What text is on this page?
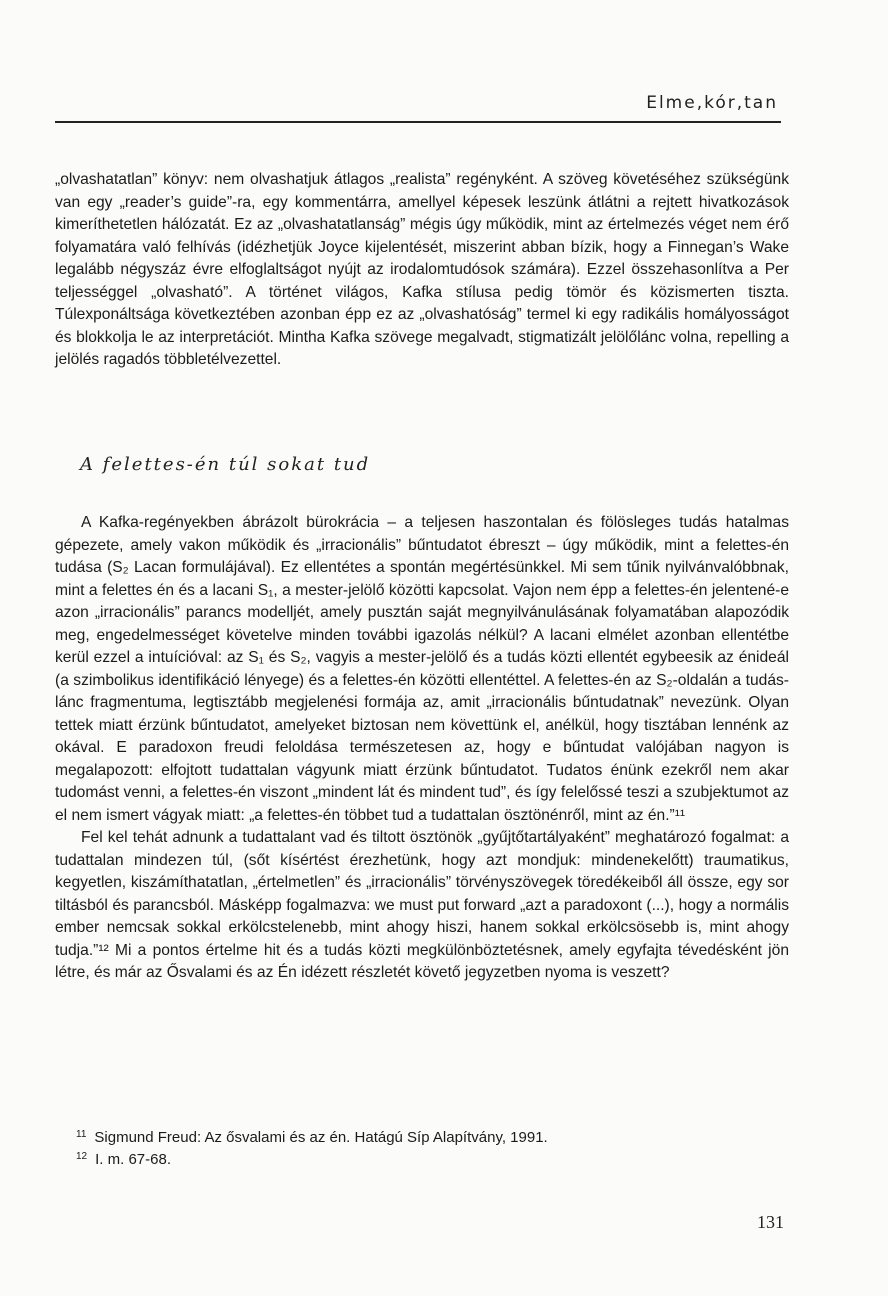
Elme,kór,tan

„olvashatatlan” könyv: nem olvashatjuk átlagos „realista” regényként. A szöveg követéséhez szükségünk van egy „reader’s guide”-ra, egy kommentárra, amellyel képesek leszünk átlátni a rejtett hivatkozások kimeríthetetlen hálózatát. Ez az „olvashatatlanság” mégis úgy működik, mint az értelmezés véget nem érő folyamatára való felhívás (idézhetjük Joyce kijelentését, miszerint abban bízik, hogy a Finnegan’s Wake legalább négyszáz évre elfoglaltságot nyújt az irodalomtudósok számára). Ezzel összehasonlítva a Per teljességgel „olvasható”. A történet világos, Kafka stílusa pedig tömör és közismerten tiszta. Túlexponáltsága következtében azonban épp ez az „olvashatóság” termel ki egy radikális homályosságot és blokkolja le az interpretációt. Mintha Kafka szövege megalvadt, stigmatizált jelölőlánc volna, repelling a jelölés ragadós többletélvezettel.

A felettes-én túl sokat tud

A Kafka-regényekben ábrázolt bürokrácia – a teljesen haszontalan és fölösleges tudás hatalmas gépezete, amely vakon működik és „irracionális” bűntudatot ébreszt – úgy működik, mint a felettes-én tudása (S₂ Lacan formulájával). Ez ellentétes a spontán megértésünkkel. Mi sem tűnik nyilvánvalóbbnak, mint a felettes én és a lacani S₁, a mester-jelölő közötti kapcsolat. Vajon nem épp a felettes-én jelentené-e azon „irracionális” parancs modelljét, amely pusztán saját megnyilvánulásának folyamatában alapozódik meg, engedelmességet követelve minden további igazolás nélkül? A lacani elmélet azonban ellentétbe kerül ezzel a intuícióval: az S₁ és S₂, vagyis a mester-jelölő és a tudás közti ellentét egybeesik az énideál (a szimbolikus identifikáció lényege) és a felettes-én közötti ellentéttel. A felettes-én az S₂-oldalán a tudás-lánc fragmentuma, legtisztább megjelenési formája az, amit „irracionális bűntudatnak” nevezünk. Olyan tettek miatt érzünk bűntudatot, amelyeket biztosan nem követtünk el, anélkül, hogy tisztában lennénk az okával. E paradoxon freudi feloldása természetesen az, hogy e bűntudat valójában nagyon is megalapozott: elfojtott tudattalan vágyunk miatt érzünk bűntudatot. Tudatos énünk ezekről nem akar tudomást venni, a felettes-én viszont „mindent lát és mindent tud”, és így felelőssé teszi a szubjektumot az el nem ismert vágyak miatt: „a felettes-én többet tud a tudattalan ösztönénről, mint az én.”¹¹

Fel kel tehát adnunk a tudattalant vad és tiltott ösztönök „gyűjtőtartályaként” meghatározó fogalmat: a tudattalan mindezen túl, (sőt kísértést érezhetünk, hogy azt mondjuk: mindenekelőtt) traumatikus, kegyetlen, kiszámíthatatlan, „értelmetlen” és „irracionális” törvényszövegek töredékeiből áll össze, egy sor tiltásból és parancsból. Másképp fogalmazva: we must put forward „azt a paradoxont (...), hogy a normális ember nemcsak sokkal erkölcstelenebb, mint ahogy hiszi, hanem sokkal erkölcsösebb is, mint ahogy tudja.”¹² Mi a pontos értelme hit és a tudás közti megkülönböztetésnek, amely egyfajta tévedésként jön létre, és már az Ősvalami és az Én idézett részletét követő jegyzetben nyoma is veszett?

$^{11}$ Sigmund Freud: Az ősvalami és az én. Hatágú Síp Alapítvány, 1991.
$^{12}$ I. m. 67-68.
131
